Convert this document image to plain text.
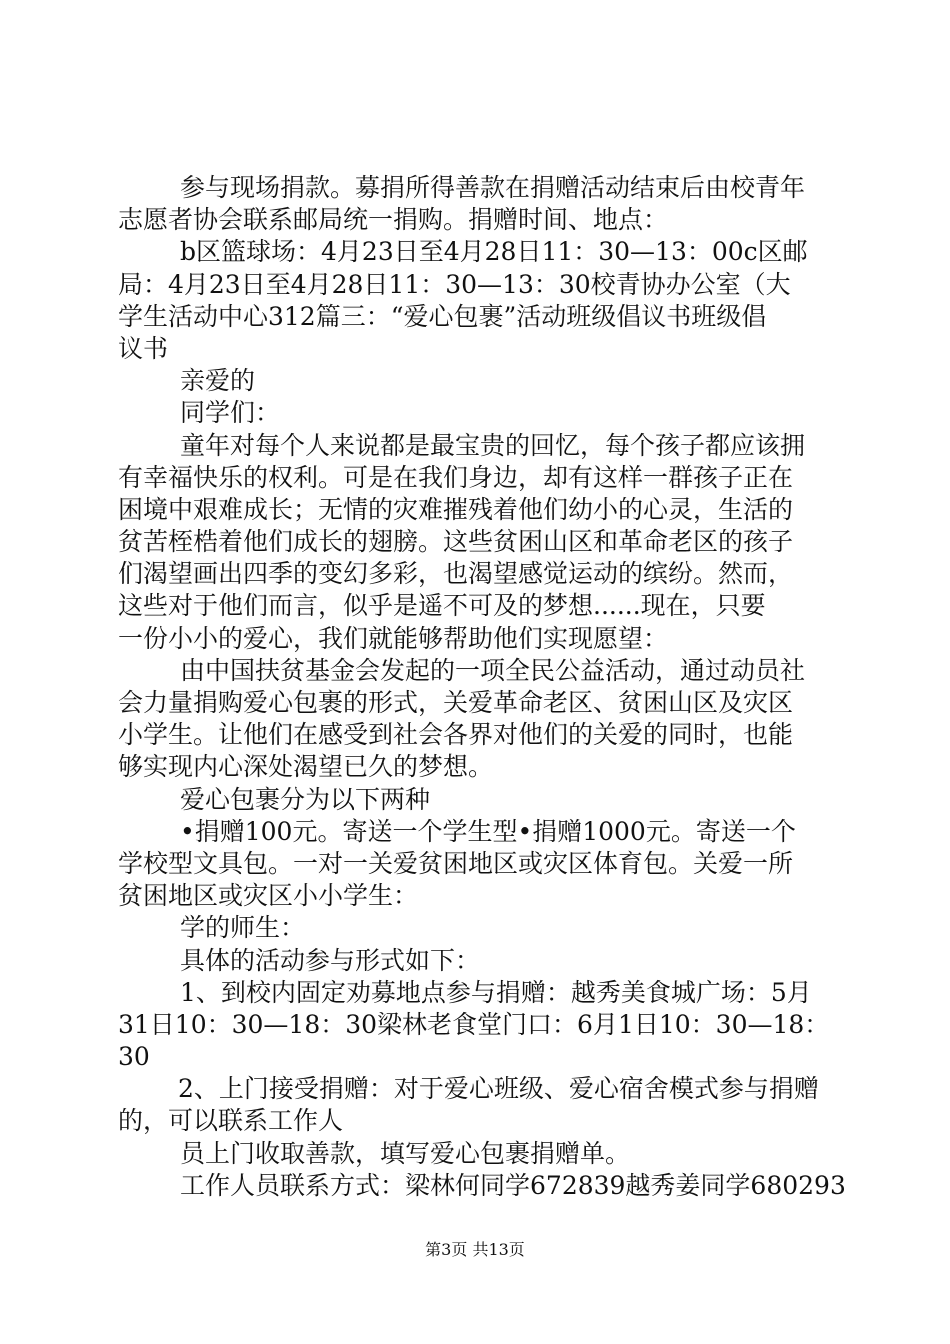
参与现场捐款。募捐所得善款在捐赠活动结束后由校青年
志愿者协会联系邮局统一捐购。捐赠时间、地点：
b区篮球场：4月23日至4月28日11：30—13：00c区邮
局：4月23日至4月28日11：30—13：30校青协办公室（大
学生活动中心312篇三：“爱心包裹”活动班级倡议书班级倡
议书
亲爱的
同学们：
童年对每个人来说都是最宝贵的回忆，每个孩子都应该拥
有幸福快乐的权利。可是在我们身边，却有这样一群孩子正在
困境中艰难成长；无情的灾难摧残着他们幼小的心灵，生活的
贫苦桎梏着他们成长的翅膀。这些贫困山区和革命老区的孩子
们渴望画出四季的变幻多彩，也渴望感觉运动的缤纷。然而，
这些对于他们而言，似乎是遥不可及的梦想......现在，只要
一份小小的爱心，我们就能够帮助他们实现愿望：
由中国扶贫基金会发起的一项全民公益活动，通过动员社
会力量捐购爱心包裹的形式，关爱革命老区、贫困山区及灾区
小学生。让他们在感受到社会各界对他们的关爱的同时，也能
够实现内心深处渴望已久的梦想。
爱心包裹分为以下两种
•捐赠100元。寄送一个学生型•捐赠1000元。寄送一个
学校型文具包。一对一关爱贫困地区或灾区体育包。关爱一所
贫困地区或灾区小小学生：
学的师生：
具体的活动参与形式如下：
1、到校内固定劝募地点参与捐赠：越秀美食城广场：5月
31日10：30—18：30梁林老食堂门口：6月1日10：30—18：
30
2、上门接受捐赠：对于爱心班级、爱心宿舍模式参与捐赠
的，可以联系工作人
员上门收取善款，填写爱心包裹捐赠单。
工作人员联系方式：梁林何同学672839越秀姜同学680293
第3页 共13页
